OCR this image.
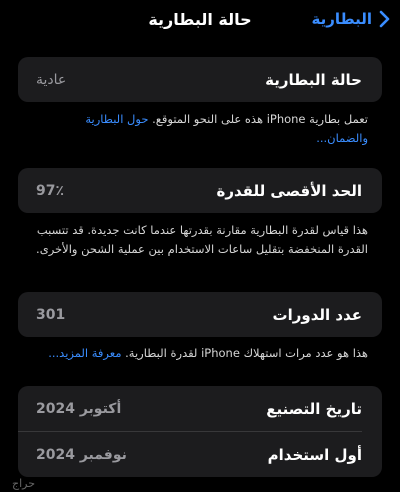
حالة البطارية	البطارية
حالة البطارية
عادية
تعمل بطارية iPhone هذه على النحو المتوقع. حول البطارية والضمان...
الحد الأقصى للقدرة
97٪
هذا قياس لقدرة البطارية مقارنة بقدرتها عندما كانت جديدة. قد تتسبب القدرة المنخفضة بتقليل ساعات الاستخدام بين عملية الشحن والأخرى.
عدد الدورات
301
هذا هو عدد مرات استهلاك iPhone لقدرة البطارية. معرفة المزيد...
تاريخ التصنيع
أكتوبر 2024
أول استخدام
نوفمبر 2024
حراج
